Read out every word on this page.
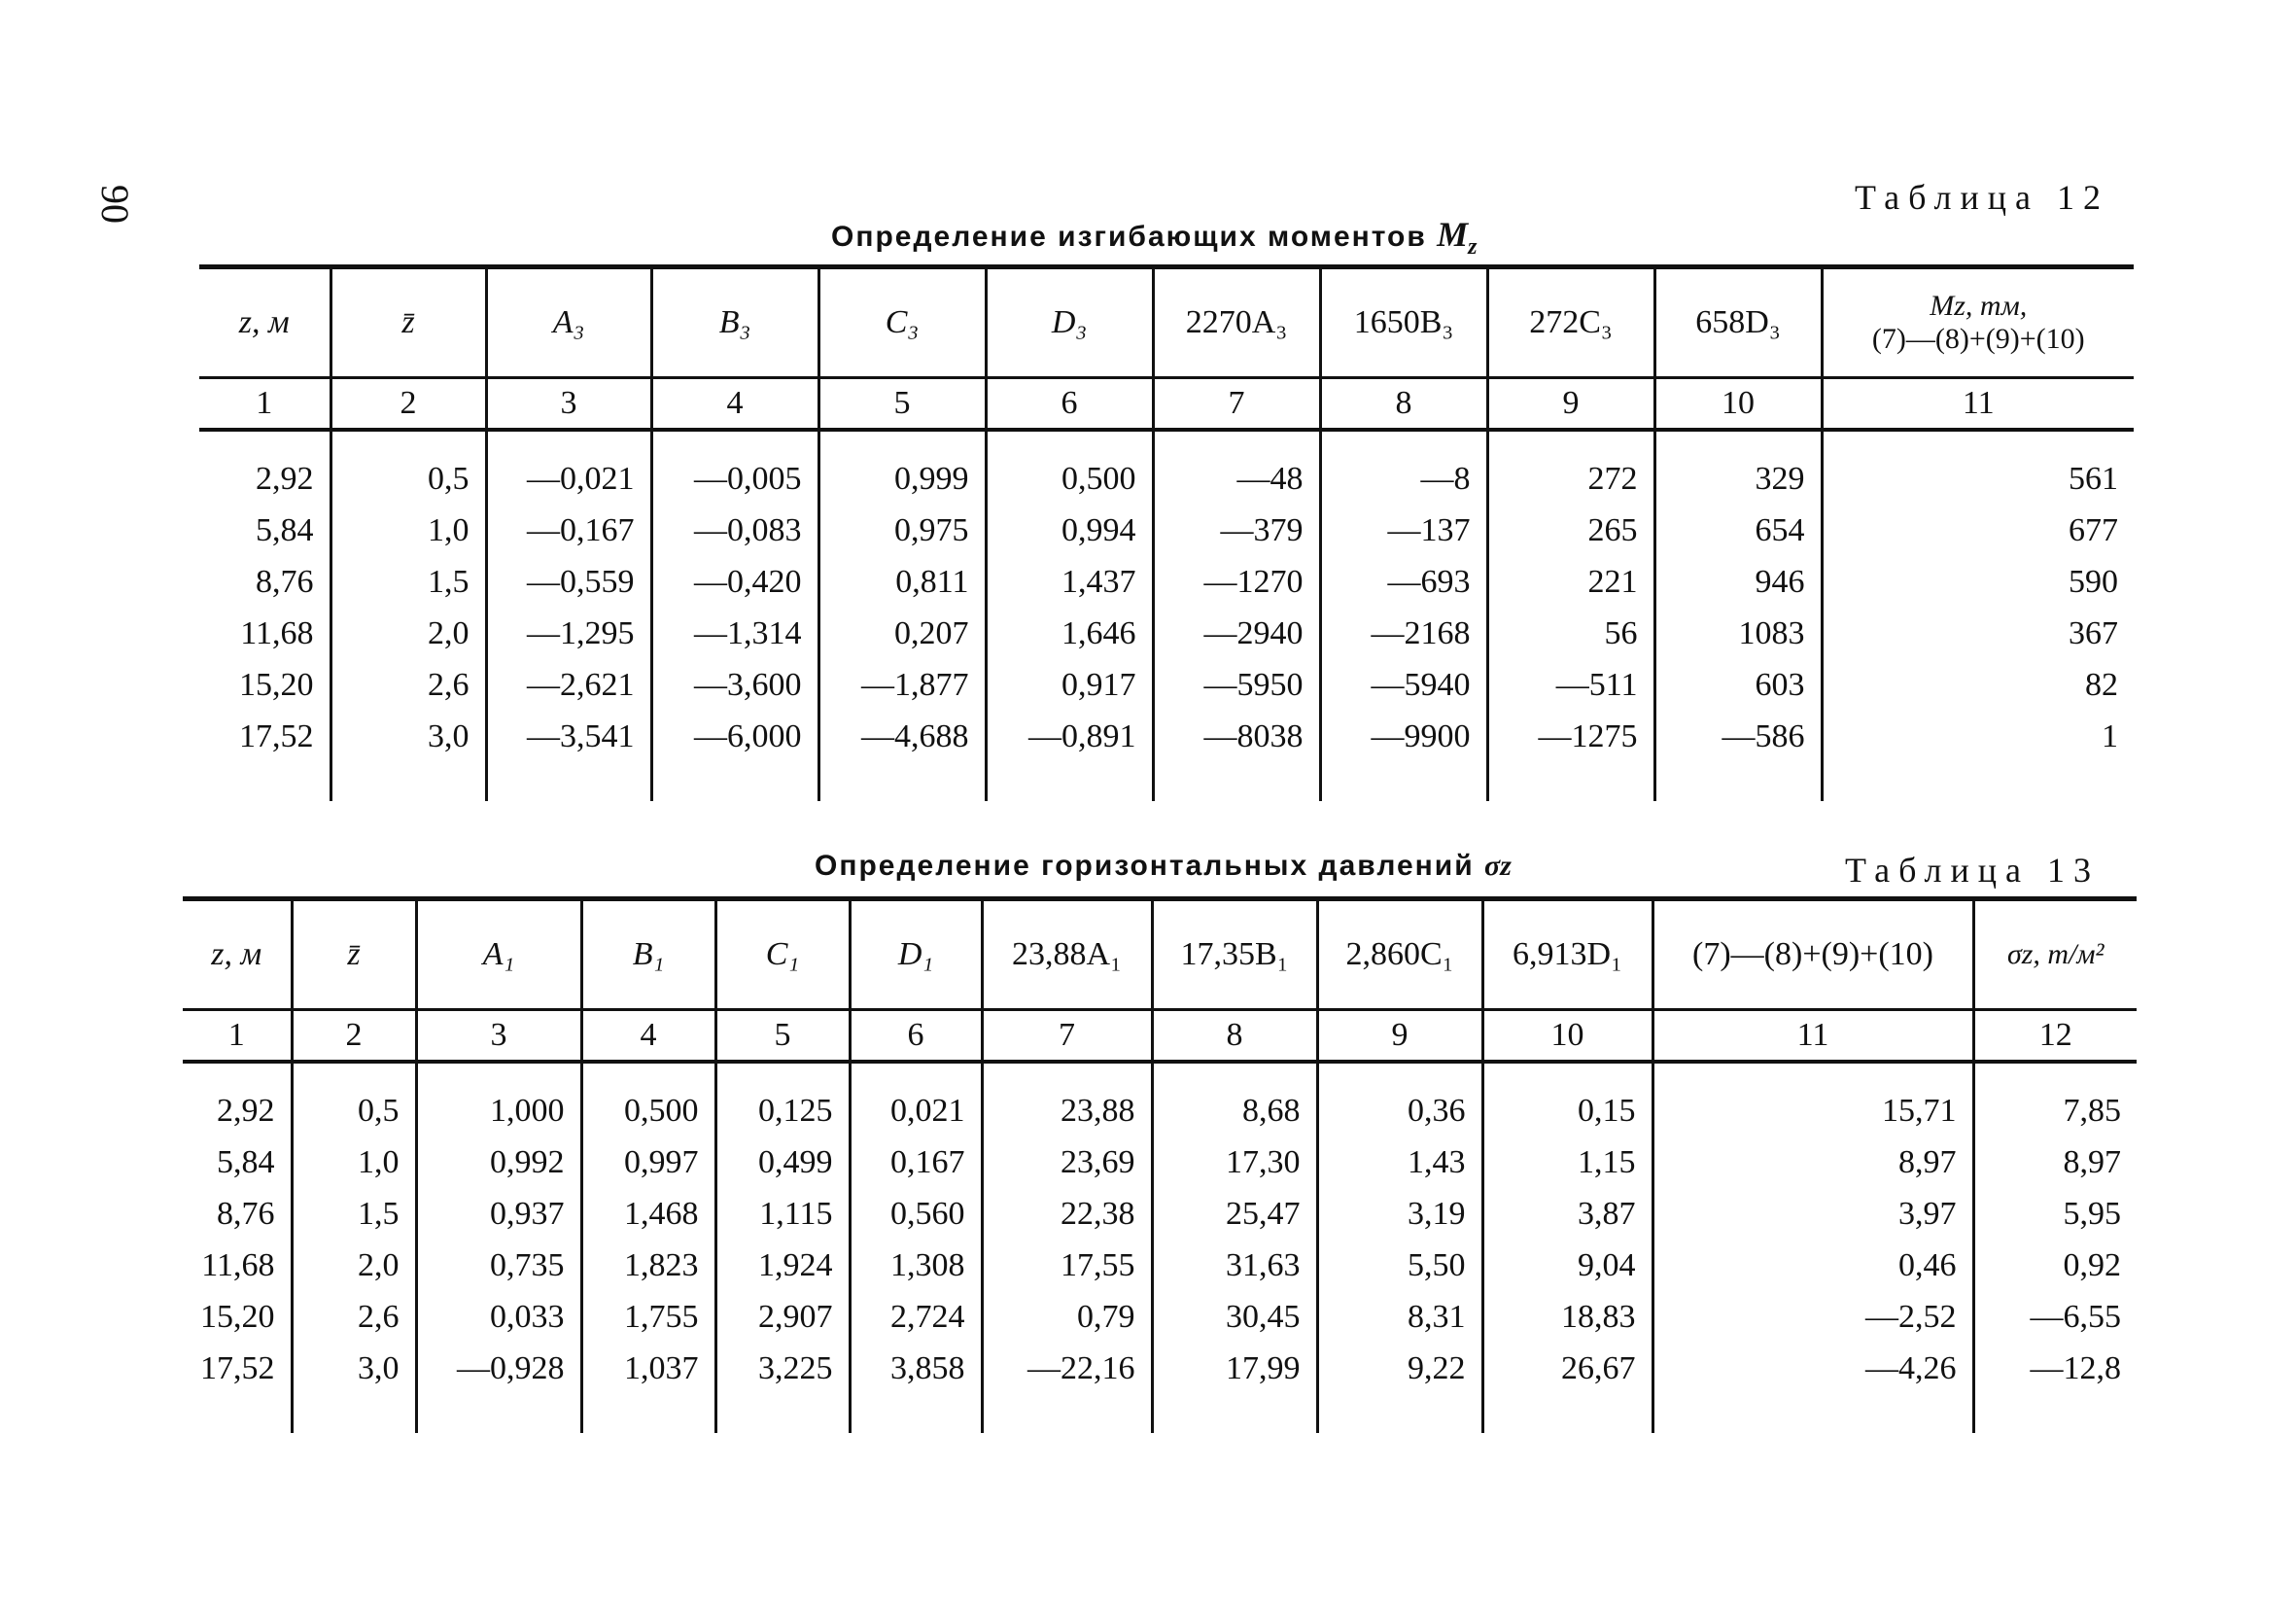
90	Таблица 12
Определение изгибающих моментов $M_z$
z, м	z̄	A₃	B₃	C₃	D₃	2270A₃	1650B₃	272C₃	658D₃	Mz, тм,
(7)—(8)+(9)+(10)
1	2	3	4	5	6	7	8	9	10	11
2,92	0,5	—0,021	—0,005	0,999	0,500	—48	—8	272	329	561
5,84	1,0	—0,167	—0,083	0,975	0,994	—379	—137	265	654	677
8,76	1,5	—0,559	—0,420	0,811	1,437	—1270	—693	221	946	590
11,68	2,0	—1,295	—1,314	0,207	1,646	—2940	—2168	56	1083	367
15,20	2,6	—2,621	—3,600	—1,877	0,917	—5950	—5940	—511	603	82
17,52	3,0	—3,541	—6,000	—4,688	—0,891	—8038	—9900	—1275	—586	1

Определение горизонтальных давлений σz	Таблица 13
z, м	z̄	A₁	B₁	C₁	D₁	23,88A₁	17,35B₁	2,860C₁	6,913D₁	(7)—(8)+(9)+(10)	σz, т/м²
1	2	3	4	5	6	7	8	9	10	11	12
2,92	0,5	1,000	0,500	0,125	0,021	23,88	8,68	0,36	0,15	15,71	7,85
5,84	1,0	0,992	0,997	0,499	0,167	23,69	17,30	1,43	1,15	8,97	8,97
8,76	1,5	0,937	1,468	1,115	0,560	22,38	25,47	3,19	3,87	3,97	5,95
11,68	2,0	0,735	1,823	1,924	1,308	17,55	31,63	5,50	9,04	0,46	0,92
15,20	2,6	0,033	1,755	2,907	2,724	0,79	30,45	8,31	18,83	—2,52	—6,55
17,52	3,0	—0,928	1,037	3,225	3,858	—22,16	17,99	9,22	26,67	—4,26	—12,8
